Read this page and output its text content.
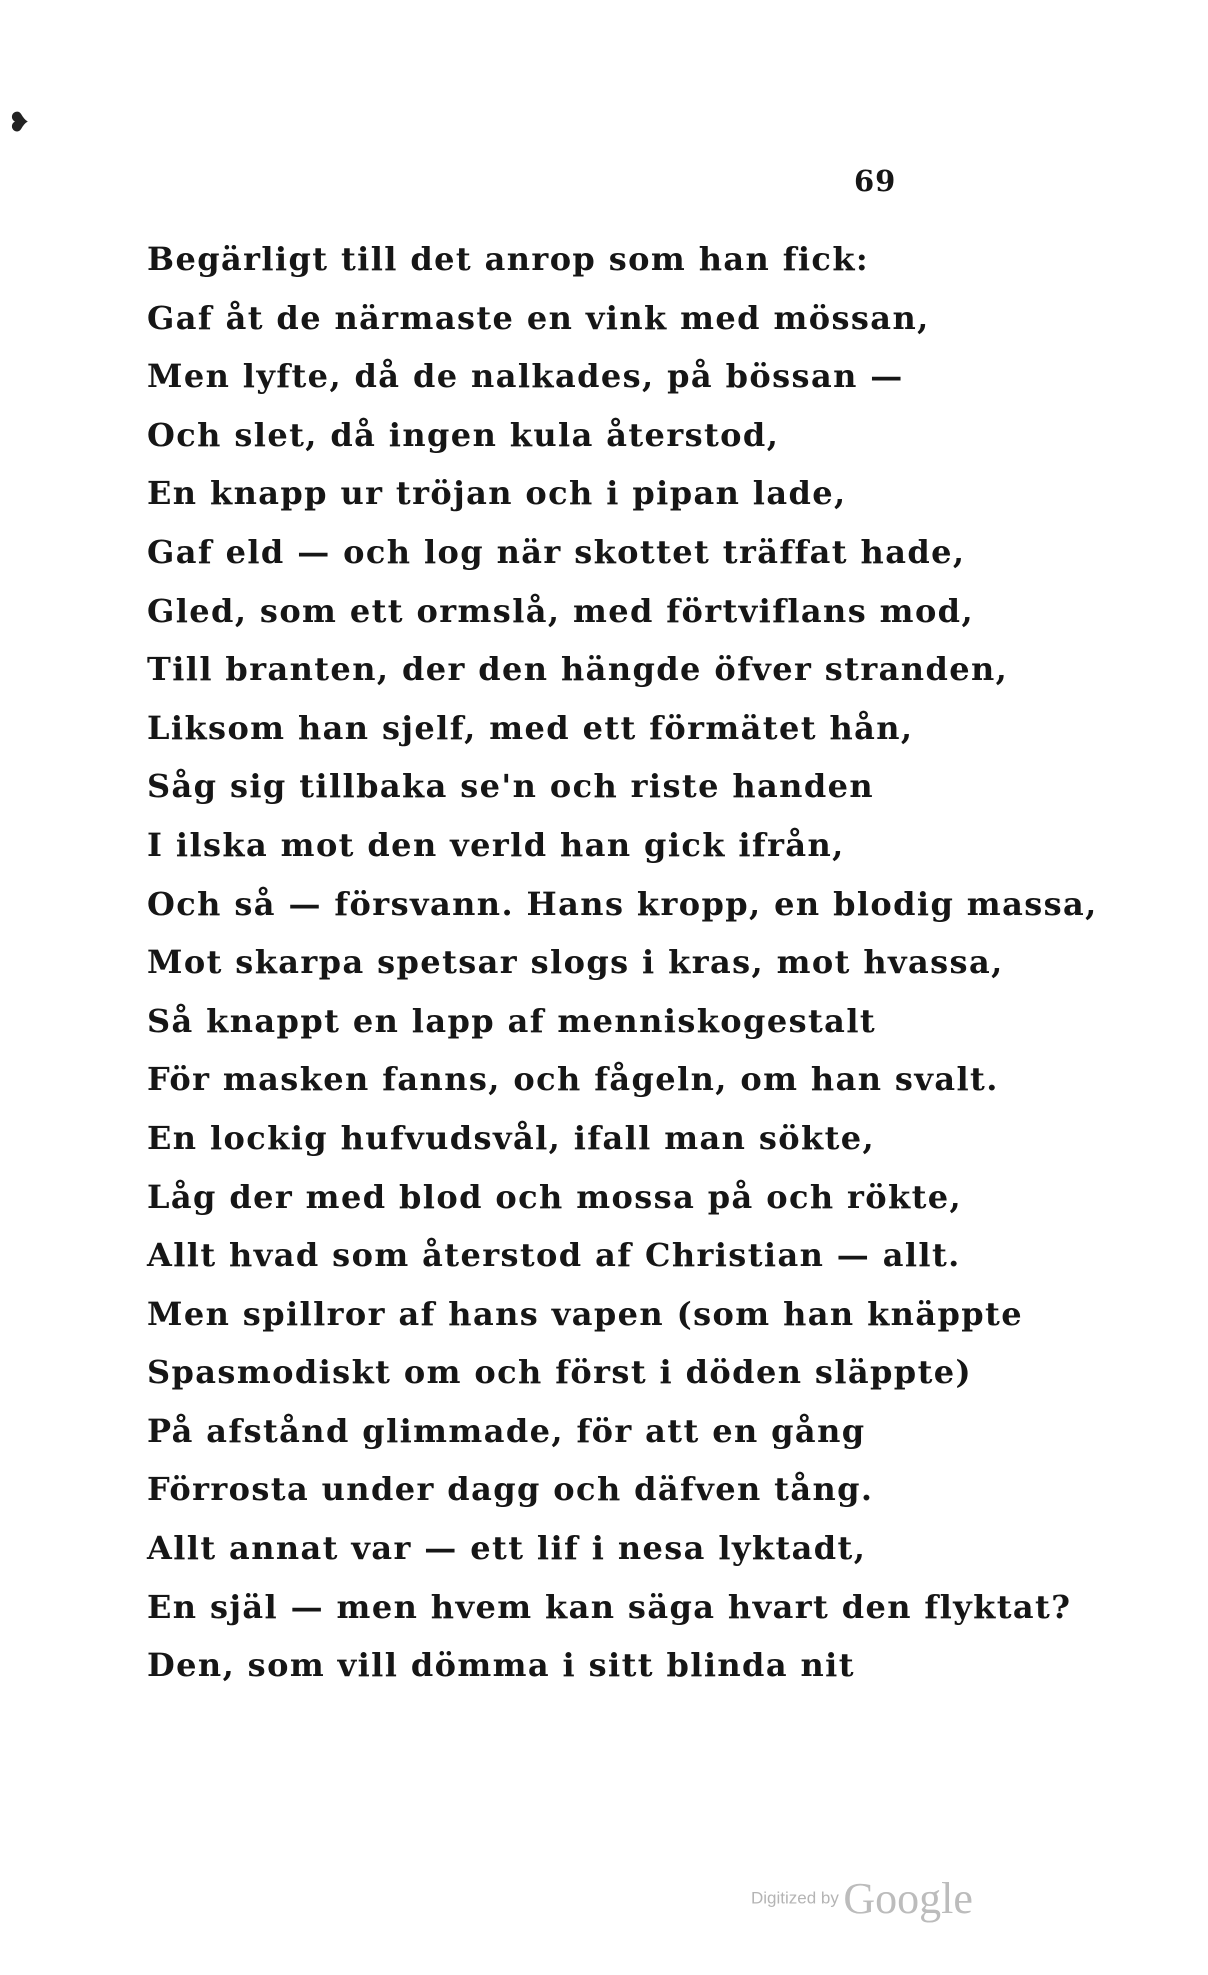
❥
69
Begärligt till det anrop som han fick:
Gaf åt de närmaste en vink med mössan,
Men lyfte, då de nalkades, på bössan —
Och slet, då ingen kula återstod,
En knapp ur tröjan och i pipan lade,
Gaf eld — och log när skottet träffat hade,
Gled, som ett ormslå, med förtviflans mod,
Till branten, der den hängde öfver stranden,
Liksom han sjelf, med ett förmätet hån,
Såg sig tillbaka se'n och riste handen
I ilska mot den verld han gick ifrån,
Och så — försvann. Hans kropp, en blodig massa,
Mot skarpa spetsar slogs i kras, mot hvassa,
Så knappt en lapp af menniskogestalt
För masken fanns, och fågeln, om han svalt.
En lockig hufvudsvål, ifall man sökte,
Låg der med blod och mossa på och rökte,
Allt hvad som återstod af Christian — allt.
Men spillror af hans vapen (som han knäppte
Spasmodiskt om och först i döden släppte)
På afstånd glimmade, för att en gång
Förrosta under dagg och däfven tång.
Allt annat var — ett lif i nesa lyktadt,
En själ — men hvem kan säga hvart den flyktat?
Den, som vill dömma i sitt blinda nit
Digitized by Google
